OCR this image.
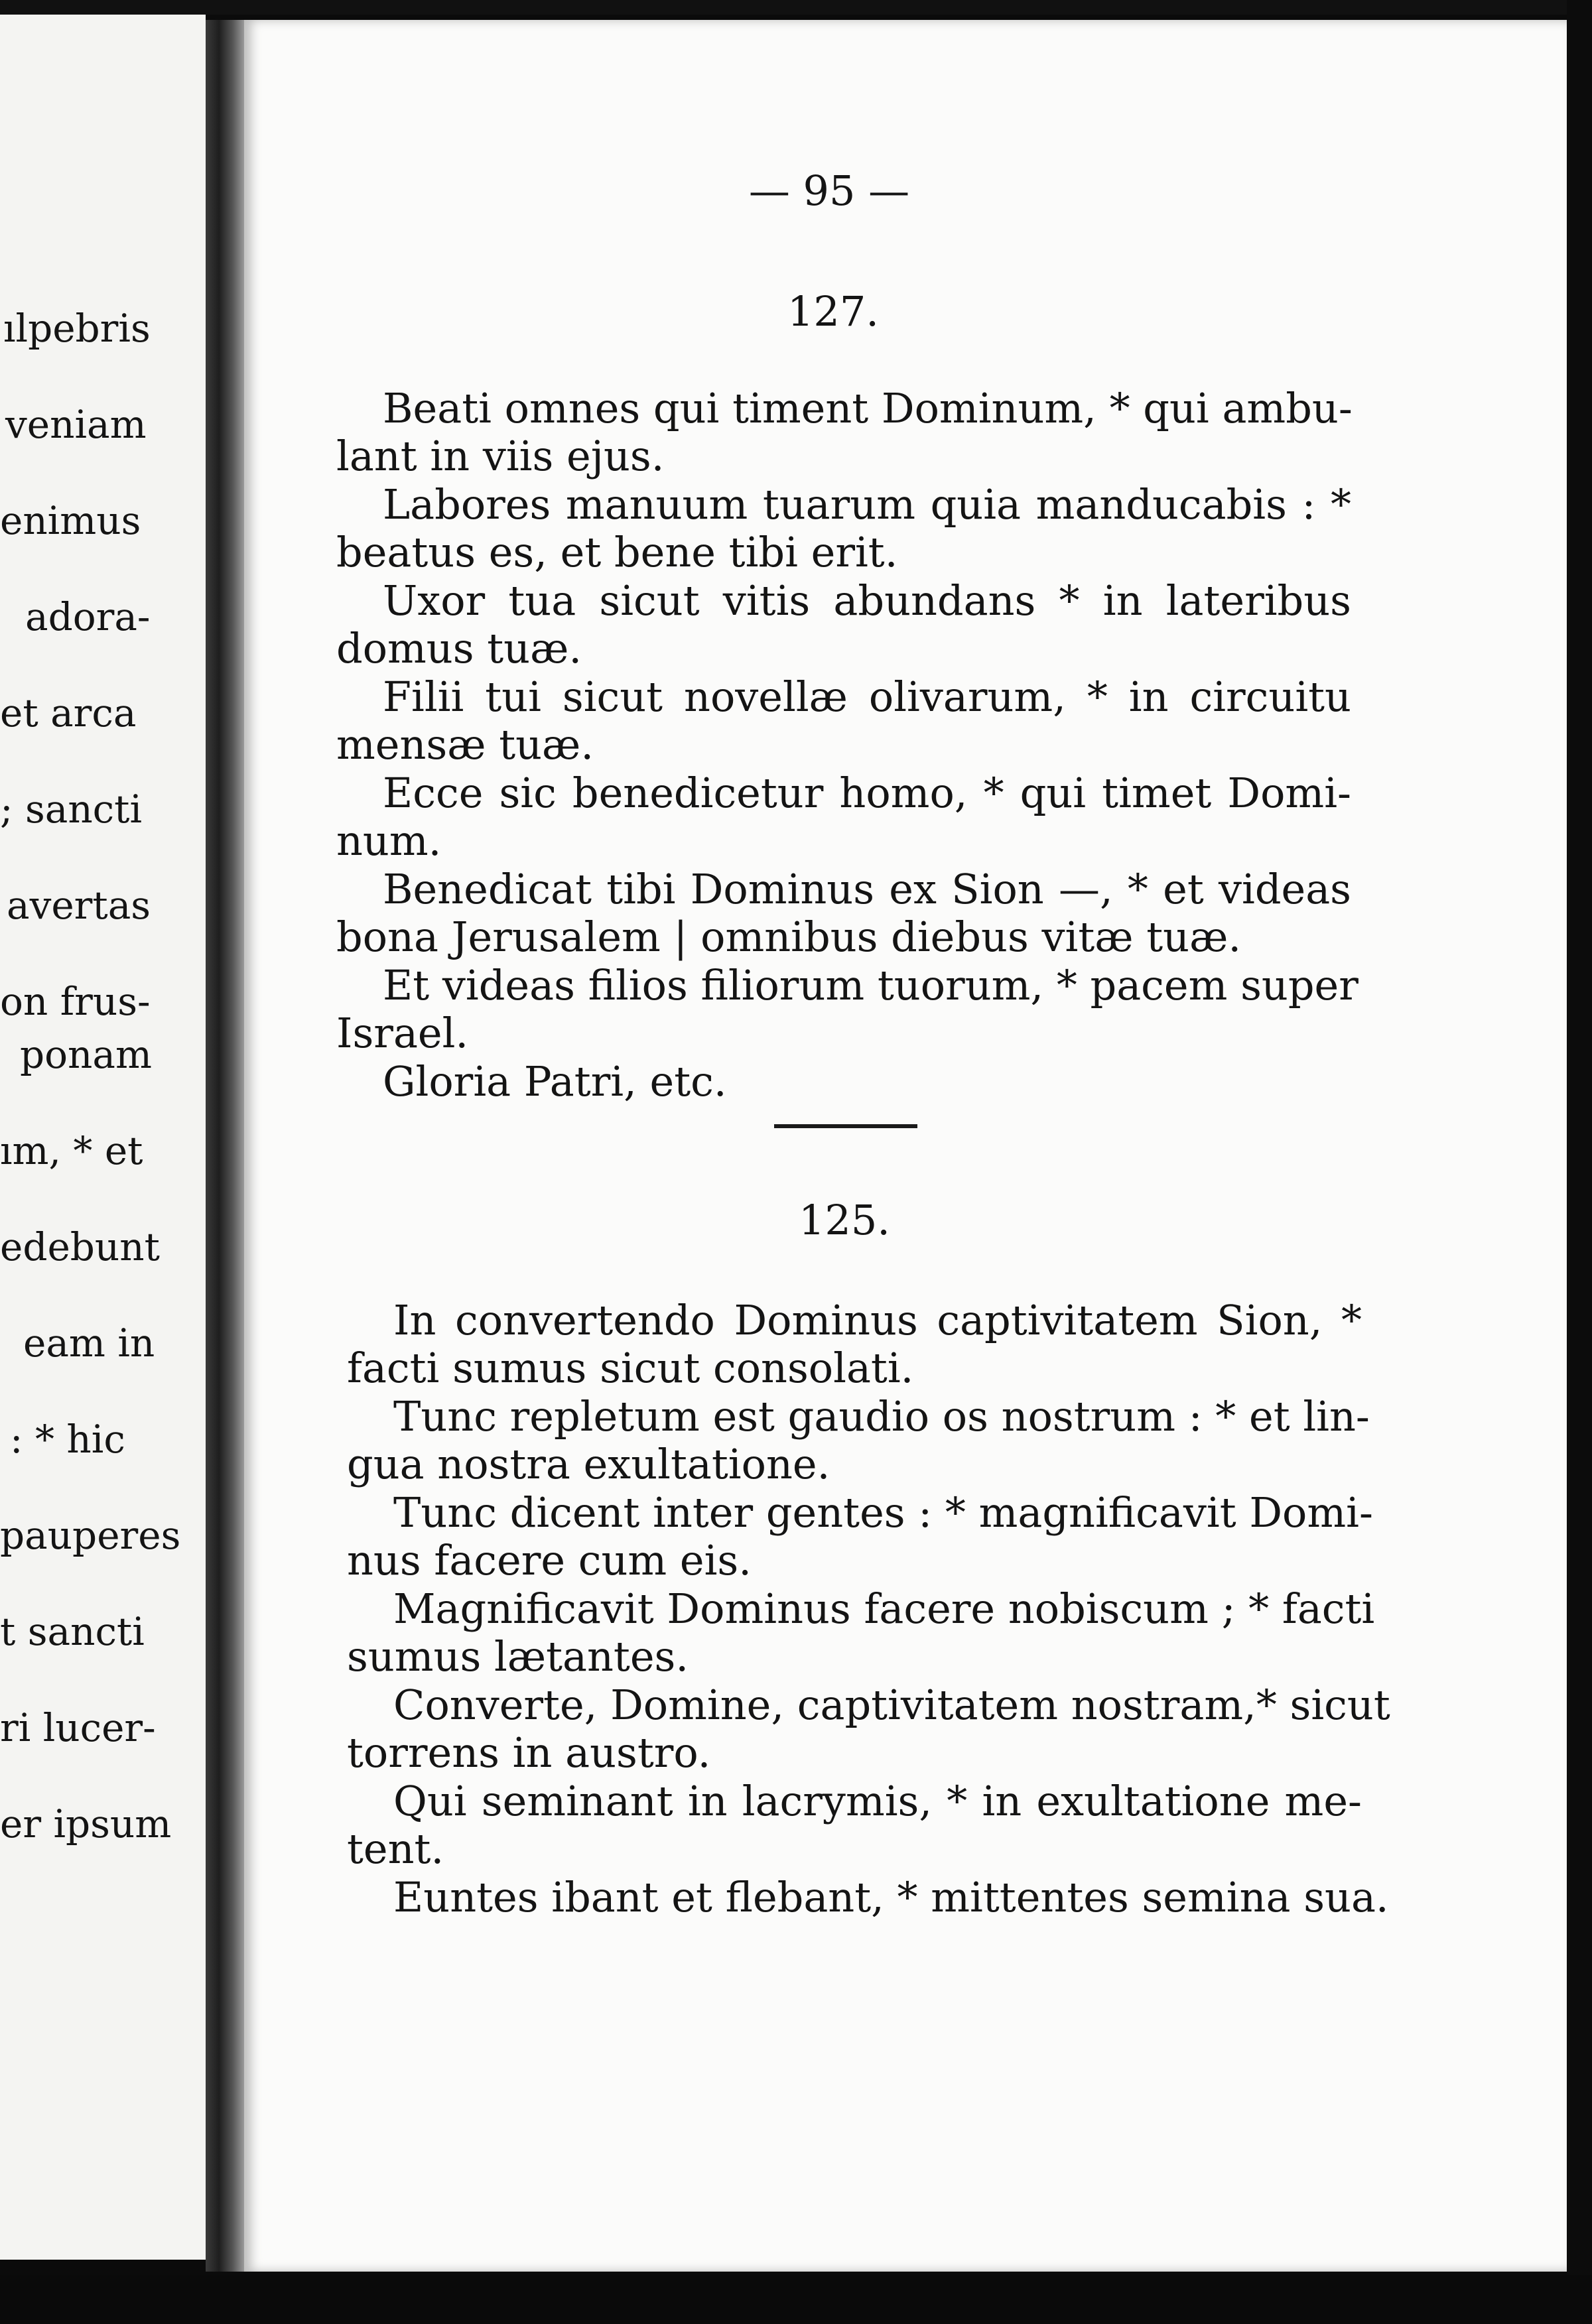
ılpebris
veniam
enimus
adora-
et arca
; sancti
avertas
on frus-
ponam
ım, * et
edebunt
eam in
: * hic
pauperes
t sancti
ri lucer-
er ipsum
— 95 —
127.
Beati omnes qui timent Dominum, * qui ambu-
lant in viis ejus.
Labores manuum tuarum quia manducabis : *
beatus es, et bene tibi erit.
Uxor tua sicut vitis abundans * in lateribus
domus tuæ.
Filii tui sicut novellæ olivarum, * in circuitu
mensæ tuæ.
Ecce sic benedicetur homo, * qui timet Domi-
num.
Benedicat tibi Dominus ex Sion —, * et videas
bona Jerusalem | omnibus diebus vitæ tuæ.
Et videas filios filiorum tuorum, * pacem super
Israel.
Gloria Patri, etc.
125.
In convertendo Dominus captivitatem Sion, *
facti sumus sicut consolati.
Tunc repletum est gaudio os nostrum : * et lin-
gua nostra exultatione.
Tunc dicent inter gentes : * magnificavit Domi-
nus facere cum eis.
Magnificavit Dominus facere nobiscum ; * facti
sumus lætantes.
Converte, Domine, captivitatem nostram,* sicut
torrens in austro.
Qui seminant in lacrymis, * in exultatione me-
tent.
Euntes ibant et flebant, * mittentes semina sua.
